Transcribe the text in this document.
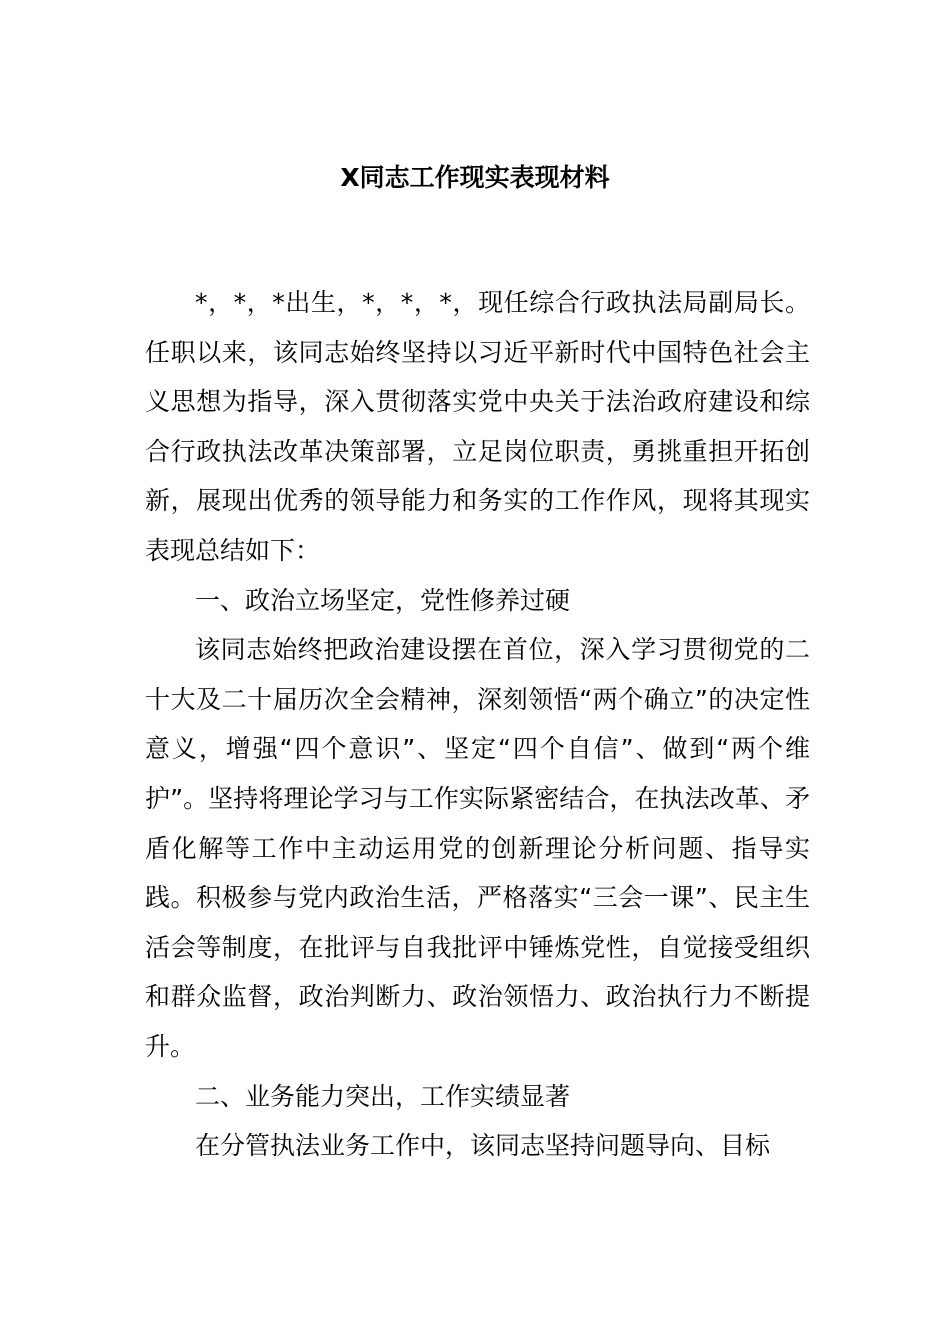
X同志工作现实表现材料

*，*，*出生，*，*，*，现任综合行政执法局副局长。任职以来，该同志始终坚持以习近平新时代中国特色社会主义思想为指导，深入贯彻落实党中央关于法治政府建设和综合行政执法改革决策部署，立足岗位职责，勇挑重担开拓创新，展现出优秀的领导能力和务实的工作作风，现将其现实表现总结如下：

一、政治立场坚定，党性修养过硬

该同志始终把政治建设摆在首位，深入学习贯彻党的二十大及二十届历次全会精神，深刻领悟“两个确立”的决定性意义，增强“四个意识”、坚定“四个自信”、做到“两个维护”。坚持将理论学习与工作实际紧密结合，在执法改革、矛盾化解等工作中主动运用党的创新理论分析问题、指导实践。积极参与党内政治生活，严格落实“三会一课”、民主生活会等制度，在批评与自我批评中锤炼党性，自觉接受组织和群众监督，政治判断力、政治领悟力、政治执行力不断提升。

二、业务能力突出，工作实绩显著

在分管执法业务工作中，该同志坚持问题导向、目标
